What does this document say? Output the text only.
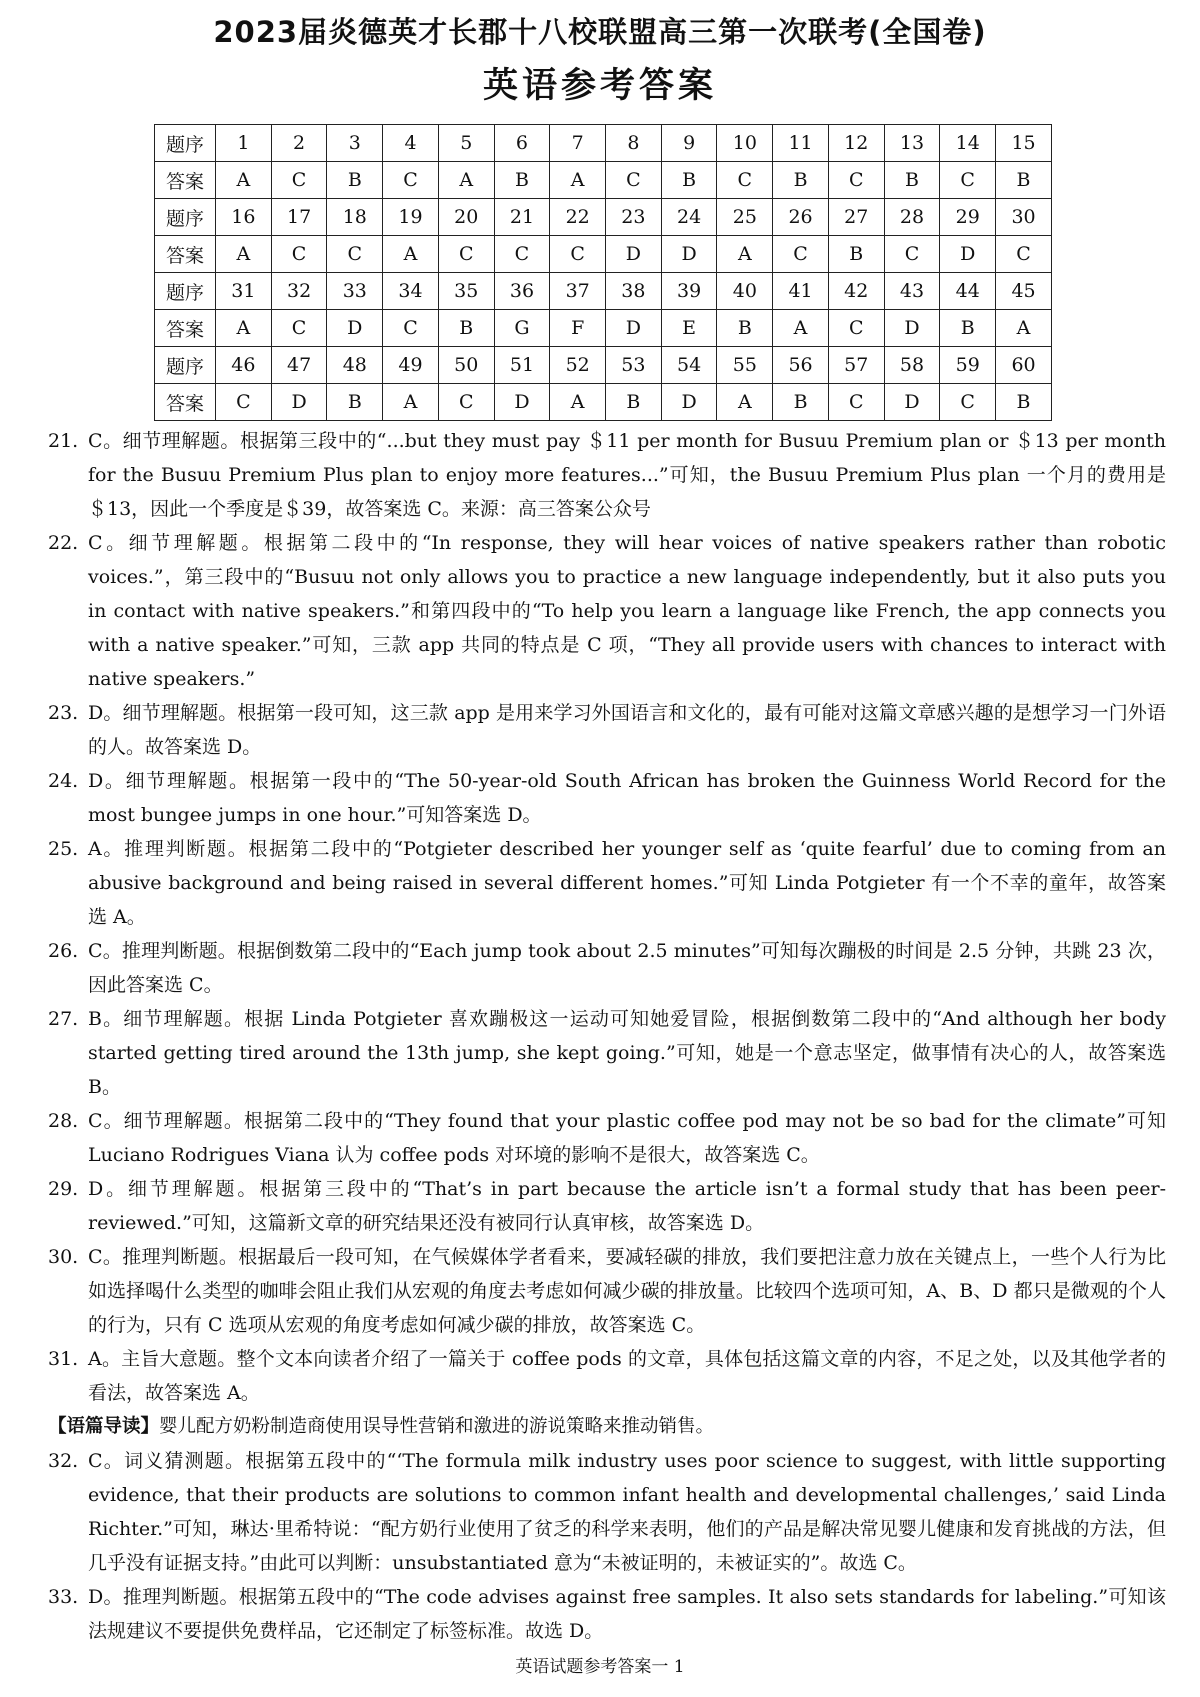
2023届炎德英才长郡十八校联盟高三第一次联考(全国卷)
英语参考答案
题序	1	2	3	4	5	6	7	8	9	10	11	12	13	14	15
答案	A	C	B	C	A	B	A	C	B	C	B	C	B	C	B
题序	16	17	18	19	20	21	22	23	24	25	26	27	28	29	30
答案	A	C	C	A	C	C	C	D	D	A	C	B	C	D	C
题序	31	32	33	34	35	36	37	38	39	40	41	42	43	44	45
答案	A	C	D	C	B	G	F	D	E	B	A	C	D	B	A
题序	46	47	48	49	50	51	52	53	54	55	56	57	58	59	60
答案	C	D	B	A	C	D	A	B	D	A	B	C	D	C	B
21. C。细节理解题。根据第三段中的“...but they must pay ＄11 per month for Busuu Premium plan or ＄13 per month for the Busuu Premium Plus plan to enjoy more features...”可知，the Busuu Premium Plus plan 一个月的费用是＄13，因此一个季度是＄39，故答案选 C。来源：高三答案公众号
22. C。细节理解题。根据第二段中的“In response, they will hear voices of native speakers rather than robotic voices.”，第三段中的“Busuu not only allows you to practice a new language independently, but it also puts you in contact with native speakers.”和第四段中的“To help you learn a language like French, the app connects you with a native speaker.”可知，三款 app 共同的特点是 C 项，“They all provide users with chances to interact with native speakers.”
23. D。细节理解题。根据第一段可知，这三款 app 是用来学习外国语言和文化的，最有可能对这篇文章感兴趣的是想学习一门外语的人。故答案选 D。
24. D。细节理解题。根据第一段中的“The 50-year-old South African has broken the Guinness World Record for the most bungee jumps in one hour.”可知答案选 D。
25. A。推理判断题。根据第二段中的“Potgieter described her younger self as ‘quite fearful’ due to coming from an abusive background and being raised in several different homes.”可知 Linda Potgieter 有一个不幸的童年，故答案选 A。
26. C。推理判断题。根据倒数第二段中的“Each jump took about 2.5 minutes”可知每次蹦极的时间是 2.5 分钟，共跳 23 次，因此答案选 C。
27. B。细节理解题。根据 Linda Potgieter 喜欢蹦极这一运动可知她爱冒险，根据倒数第二段中的“And although her body started getting tired around the 13th jump, she kept going.”可知，她是一个意志坚定，做事情有决心的人，故答案选 B。
28. C。细节理解题。根据第二段中的“They found that your plastic coffee pod may not be so bad for the climate”可知 Luciano Rodrigues Viana 认为 coffee pods 对环境的影响不是很大，故答案选 C。
29. D。细节理解题。根据第三段中的“That’s in part because the article isn’t a formal study that has been peer-reviewed.”可知，这篇新文章的研究结果还没有被同行认真审核，故答案选 D。
30. C。推理判断题。根据最后一段可知，在气候媒体学者看来，要减轻碳的排放，我们要把注意力放在关键点上，一些个人行为比如选择喝什么类型的咖啡会阻止我们从宏观的角度去考虑如何减少碳的排放量。比较四个选项可知，A、B、D 都只是微观的个人的行为，只有 C 选项从宏观的角度考虑如何减少碳的排放，故答案选 C。
31. A。主旨大意题。整个文本向读者介绍了一篇关于 coffee pods 的文章，具体包括这篇文章的内容，不足之处，以及其他学者的看法，故答案选 A。
【语篇导读】婴儿配方奶粉制造商使用误导性营销和激进的游说策略来推动销售。
32. C。词义猜测题。根据第五段中的“‘The formula milk industry uses poor science to suggest, with little supporting evidence, that their products are solutions to common infant health and developmental challenges,’ said Linda Richter.”可知，琳达·里希特说：“配方奶行业使用了贫乏的科学来表明，他们的产品是解决常见婴儿健康和发育挑战的方法，但几乎没有证据支持。”由此可以判断：unsubstantiated 意为“未被证明的，未被证实的”。故选 C。
33. D。推理判断题。根据第五段中的“The code advises against free samples. It also sets standards for labeling.”可知该法规建议不要提供免费样品，它还制定了标签标准。故选 D。
英语试题参考答案一 1
